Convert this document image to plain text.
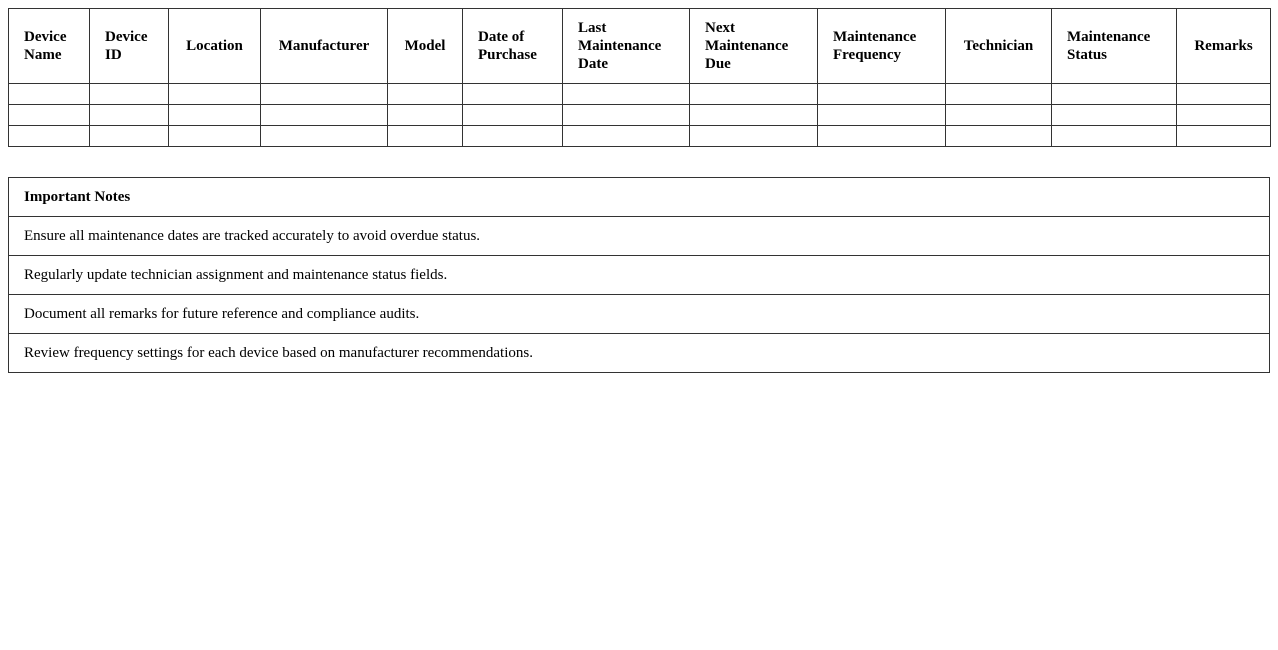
Device Name	Device ID	Location	Manufacturer	Model	Date of Purchase	Last Maintenance Date	Next Maintenance Due	Maintenance Frequency	Technician	Maintenance Status	Remarks

Important Notes
Ensure all maintenance dates are tracked accurately to avoid overdue status.
Regularly update technician assignment and maintenance status fields.
Document all remarks for future reference and compliance audits.
Review frequency settings for each device based on manufacturer recommendations.
